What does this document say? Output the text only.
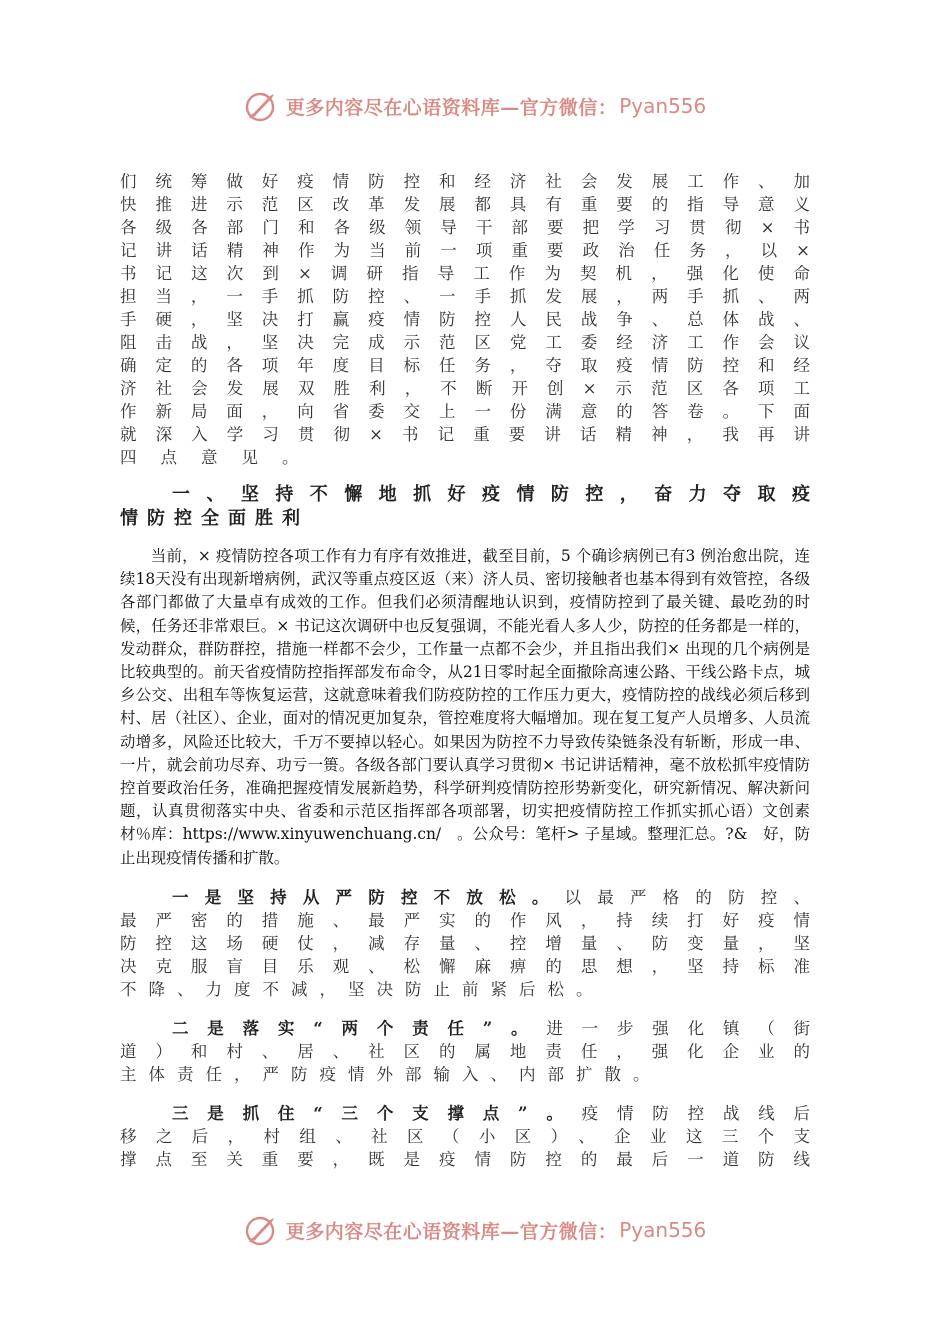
更多内容尽在心语资料库—官方微信： Pyan556
们统筹做好疫情防控和经济社会发展工作、加
快推进示范区改革发展都具有重要的指导意义
各级各部门和各级领导干部要把学习贯彻×书
记讲话精神作为当前一项重要政治任务，以×
书记这次到×调研指导工作为契机，强化使命
担当，一手抓防控、一手抓发展，两手抓、两
手硬，坚决打赢疫情防控人民战争、总体战、
阻击战，坚决完成示范区党工委经济工作会议
确定的各项年度目标任务，夺取疫情防控和经
济社会发展双胜利，不断开创×示范区各项工
作新局面，向省委交上一份满意的答卷。下面
就深入学习贯彻×书记重要讲话精神，我再讲
四点意见。
一、坚持不懈地抓好疫情防控，奋力夺取疫
情防控全面胜利

当前，× 疫情防控各项工作有力有序有效推进，截至目前，5 个确诊病例已有3 例治愈出院，连续18天没有出现新增病例，武汉等重点疫区返（来）济人员、密切接触者也基本得到有效管控，各级各部门都做了大量卓有成效的工作。但我们必须清醒地认识到，疫情防控到了最关键、最吃劲的时候，任务还非常艰巨。× 书记这次调研中也反复强调，不能光看人多人少，防控的任务都是一样的，发动群众，群防群控，措施一样都不会少，工作量一点都不会少，并且指出我们× 出现的几个病例是比较典型的。前天省疫情防控指挥部发布命令，从21日零时起全面撤除高速公路、干线公路卡点，城乡公交、出租车等恢复运营，这就意味着我们防疫防控的工作压力更大，疫情防控的战线必须后移到村、居（社区）、企业，面对的情况更加复杂，管控难度将大幅增加。现在复工复产人员增多、人员流动增多，风险还比较大，千万不要掉以轻心。如果因为防控不力导致传染链条没有斩断，形成一串、一片，就会前功尽弃、功亏一篑。各级各部门要认真学习贯彻× 书记讲话精神，毫不放松抓牢疫情防控首要政治任务，准确把握疫情发展新趋势，科学研判疫情防控形势新变化，研究新情况、解决新问题，认真贯彻落实中央、省委和示范区指挥部各项部署，切实把疫情防控工作抓实抓心语）文创素材％库：https://www.xinyuwenchuang.cn/　。公众号：笔杆> 子星域。整理汇总。?&　好，防止出现疫情传播和扩散。

一是坚持从严防控不放松。以最严格的防控、
最严密的措施、最严实的作风，持续打好疫情
防控这场硬仗，减存量、控增量、防变量，坚
决克服盲目乐观、松懈麻痹的思想，坚持标准
不降、力度不减，坚决防止前紧后松。
二是落实“两个责任”。进一步强化镇（街
道）和村、居、社区的属地责任，强化企业的
主体责任，严防疫情外部输入、内部扩散。
三是抓住“三个支撑点”。疫情防控战线后
移之后，村组、社区（小区）、企业这三个支
撑点至关重要，既是疫情防控的最后一道防线
更多内容尽在心语资料库—官方微信： Pyan556
